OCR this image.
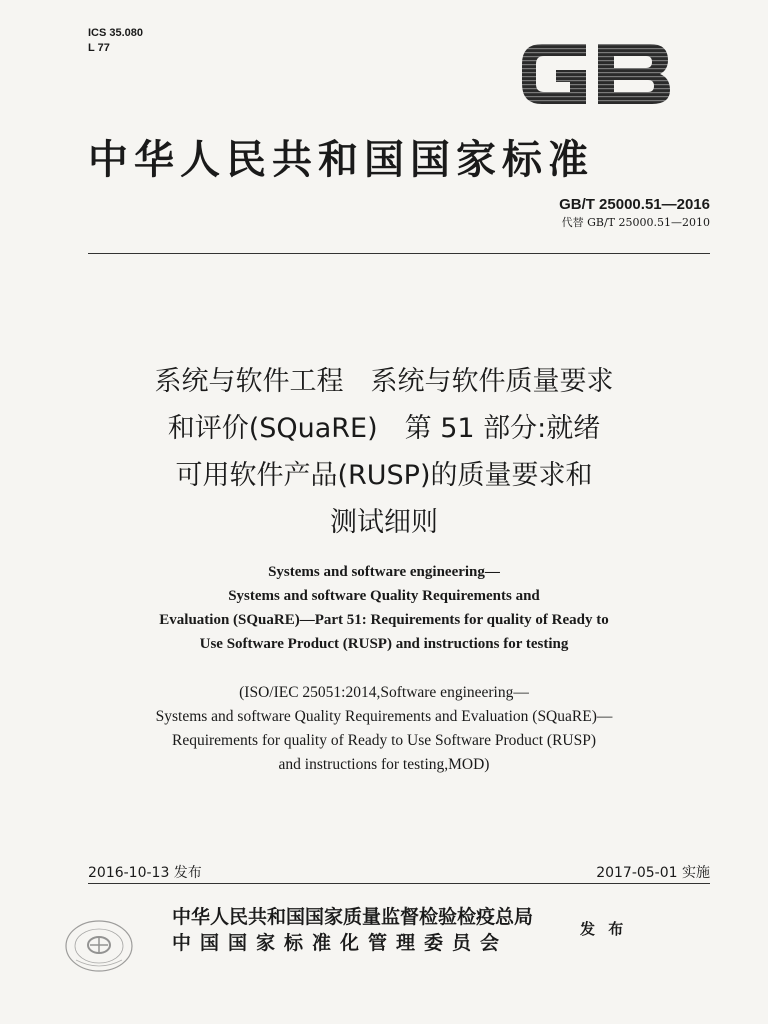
ICS 35.080
L 77
中华人民共和国国家标准
GB/T 25000.51—2016
代替 GB/T 25000.51—2010
系统与软件工程　系统与软件质量要求
和评价(SQuaRE)　第 51 部分:就绪
可用软件产品(RUSP)的质量要求和
测试细则
Systems and software engineering—
Systems and software Quality Requirements and
Evaluation (SQuaRE)—Part 51: Requirements for quality of Ready to
Use Software Product (RUSP) and instructions for testing
(ISO/IEC 25051:2014,Software engineering—
Systems and software Quality Requirements and Evaluation (SQuaRE)—
Requirements for quality of Ready to Use Software Product (RUSP)
and instructions for testing,MOD)
2016-10-13 发布	2017-05-01 实施
中华人民共和国国家质量监督检验检疫总局
中国国家标准化管理委员会
发 布
